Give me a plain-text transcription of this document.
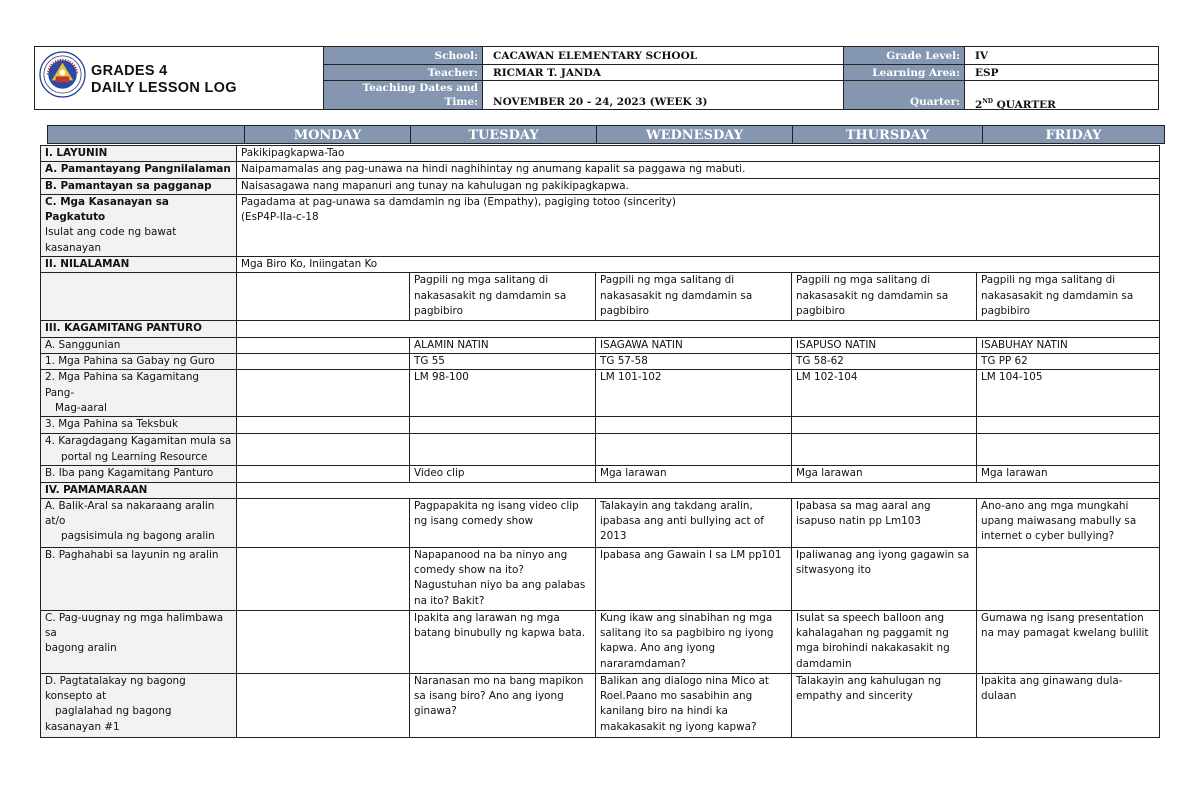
GRADES 4
DAILY LESSON LOG
School:	CACAWAN ELEMENTARY SCHOOL	Grade Level:	IV
Teacher:	RICMAR T. JANDA	Learning Area:	ESP
Teaching Dates and
Time:	NOVEMBER 20 - 24, 2023 (WEEK 3)	Quarter:	2ND QUARTER
MONDAY	TUESDAY	WEDNESDAY	THURSDAY	FRIDAY
I. LAYUNIN	Pakikipagkapwa-Tao				
A. Pamantayang Pangnilalaman	Naipamamalas ang pag-unawa na hindi naghihintay ng anumang kapalit sa paggawa ng mabuti.				
B. Pamantayan sa pagganap	Naisasagawa nang mapanuri ang tunay na kahulugan ng pakikipagkapwa.				
C. Mga Kasanayan sa Pagkatuto
Isulat ang code ng bawat
kasanayan	Pagadama at pag-unawa sa damdamin ng iba (Empathy), pagiging totoo (sincerity)
(EsP4P-IIa-c-18				
II. NILALAMAN	Mga Biro Ko, Iniingatan Ko				
		Pagpili ng mga salitang di
nakasasakit ng damdamin sa
pagbibiro	Pagpili ng mga salitang di
nakasasakit ng damdamin sa
pagbibiro	Pagpili ng mga salitang di
nakasasakit ng damdamin sa
pagbibiro	Pagpili ng mga salitang di
nakasasakit ng damdamin sa
pagbibiro
III. KAGAMITANG PANTURO					
A. Sanggunian		ALAMIN NATIN	ISAGAWA NATIN	ISAPUSO NATIN	ISABUHAY NATIN
1. Mga Pahina sa Gabay ng Guro		TG 55	TG 57-58	TG 58-62	TG PP 62
2. Mga Pahina sa Kagamitang
Pang-

Mag-aaral		LM 98-100	LM 101-102	LM 102-104	LM 104-105
3. Mga Pahina sa Teksbuk					
4. Karagdagang Kagamitan mula sa

portal ng Learning Resource					

B. Iba pang Kagamitang Panturo		Video clip	Mga larawan	Mga larawan	Mga larawan
IV. PAMAMARAAN					
A. Balik-Aral sa nakaraang aralin
at/o

pagsisimula ng bagong aralin		Pagpapakita ng isang video clip
ng isang comedy show	Talakayin ang takdang aralin,
ipabasa ang anti bullying act of
2013	Ipabasa sa mag aaral ang
isapuso natin pp Lm103	Ano-ano ang mga mungkahi
upang maiwasang mabully sa
internet o cyber bullying?
B. Paghahabi sa layunin ng aralin		Napapanood na ba ninyo ang
comedy show na ito?
Nagustuhan niyo ba ang palabas
na ito? Bakit?	Ipabasa ang Gawain I sa LM pp101	Ipaliwanag ang iyong gagawin sa
sitwasyong ito	
C. Pag-uugnay ng mga halimbawa
sa
bagong aralin		Ipakita ang larawan ng mga
batang binubully ng kapwa bata.	Kung ikaw ang sinabihan ng mga
salitang ito sa pagbibiro ng iyong
kapwa. Ano ang iyong
nararamdaman?	Isulat sa speech balloon ang
kahalagahan ng paggamit ng
mga birohindi nakakasakit ng
damdamin	Gumawa ng isang presentation
na may pamagat kwelang bulilit
D. Pagtatalakay ng bagong
konsepto at

paglalahad ng bagong
kasanayan #1		Naranasan mo na bang mapikon
sa isang biro? Ano ang iyong
ginawa?	Balikan ang dialogo nina Mico at
Roel.Paano mo sasabihin ang
kanilang biro na hindi ka
makakasakit ng iyong kapwa?	Talakayin ang kahulugan ng
empathy and sincerity	Ipakita ang ginawang dula-
dulaan
